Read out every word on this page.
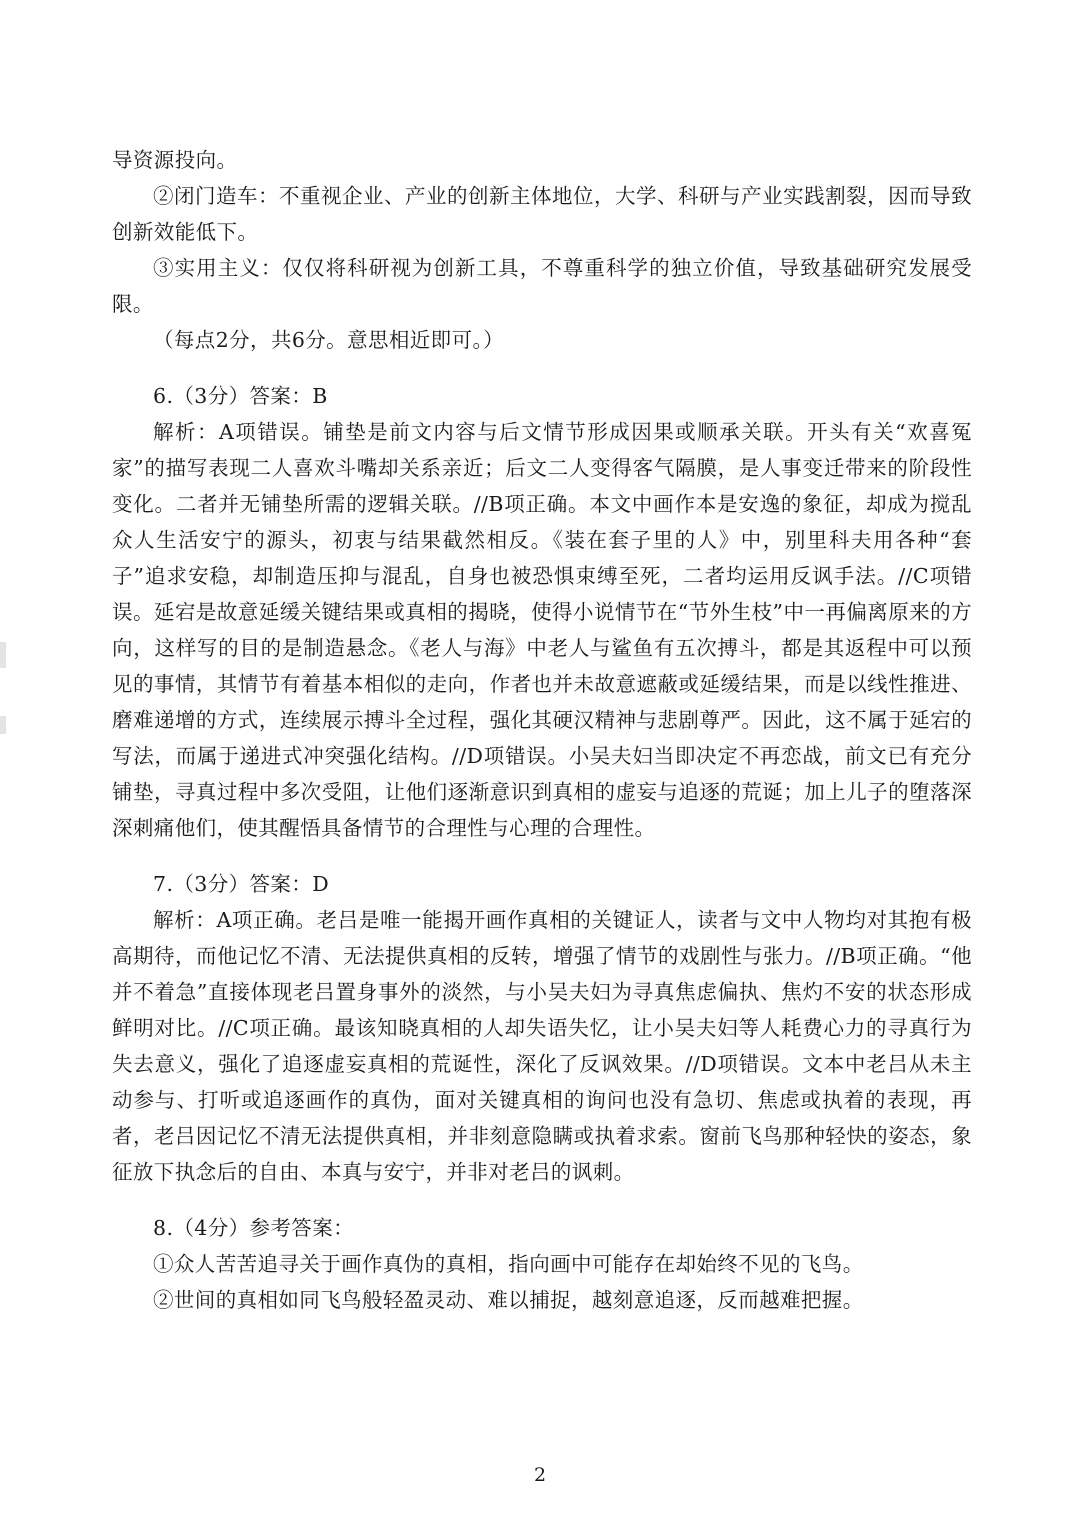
导资源投向。
②闭门造车：不重视企业、产业的创新主体地位，大学、科研与产业实践割裂，因而导致创新效能低下。
③实用主义：仅仅将科研视为创新工具，不尊重科学的独立价值，导致基础研究发展受限。
（每点2分，共6分。意思相近即可。）
6.（3分）答案：B
解析：A项错误。铺垫是前文内容与后文情节形成因果或顺承关联。开头有关“欢喜冤家”的描写表现二人喜欢斗嘴却关系亲近；后文二人变得客气隔膜，是人事变迁带来的阶段性变化。二者并无铺垫所需的逻辑关联。//B项正确。本文中画作本是安逸的象征，却成为搅乱众人生活安宁的源头，初衷与结果截然相反。《装在套子里的人》中，别里科夫用各种“套子”追求安稳，却制造压抑与混乱，自身也被恐惧束缚至死，二者均运用反讽手法。//C项错误。延宕是故意延缓关键结果或真相的揭晓，使得小说情节在“节外生枝”中一再偏离原来的方向，这样写的目的是制造悬念。《老人与海》中老人与鲨鱼有五次搏斗，都是其返程中可以预见的事情，其情节有着基本相似的走向，作者也并未故意遮蔽或延缓结果，而是以线性推进、磨难递增的方式，连续展示搏斗全过程，强化其硬汉精神与悲剧尊严。因此，这不属于延宕的写法，而属于递进式冲突强化结构。//D项错误。小吴夫妇当即决定不再恋战，前文已有充分铺垫，寻真过程中多次受阻，让他们逐渐意识到真相的虚妄与追逐的荒诞；加上儿子的堕落深深刺痛他们，使其醒悟具备情节的合理性与心理的合理性。
7.（3分）答案：D
解析：A项正确。老吕是唯一能揭开画作真相的关键证人，读者与文中人物均对其抱有极高期待，而他记忆不清、无法提供真相的反转，增强了情节的戏剧性与张力。//B项正确。“他并不着急”直接体现老吕置身事外的淡然，与小吴夫妇为寻真焦虑偏执、焦灼不安的状态形成鲜明对比。//C项正确。最该知晓真相的人却失语失忆，让小吴夫妇等人耗费心力的寻真行为失去意义，强化了追逐虚妄真相的荒诞性，深化了反讽效果。//D项错误。文本中老吕从未主动参与、打听或追逐画作的真伪，面对关键真相的询问也没有急切、焦虑或执着的表现，再者，老吕因记忆不清无法提供真相，并非刻意隐瞒或执着求索。窗前飞鸟那种轻快的姿态，象征放下执念后的自由、本真与安宁，并非对老吕的讽刺。
8.（4分）参考答案：
①众人苦苦追寻关于画作真伪的真相，指向画中可能存在却始终不见的飞鸟。
②世间的真相如同飞鸟般轻盈灵动、难以捕捉，越刻意追逐，反而越难把握。
2
